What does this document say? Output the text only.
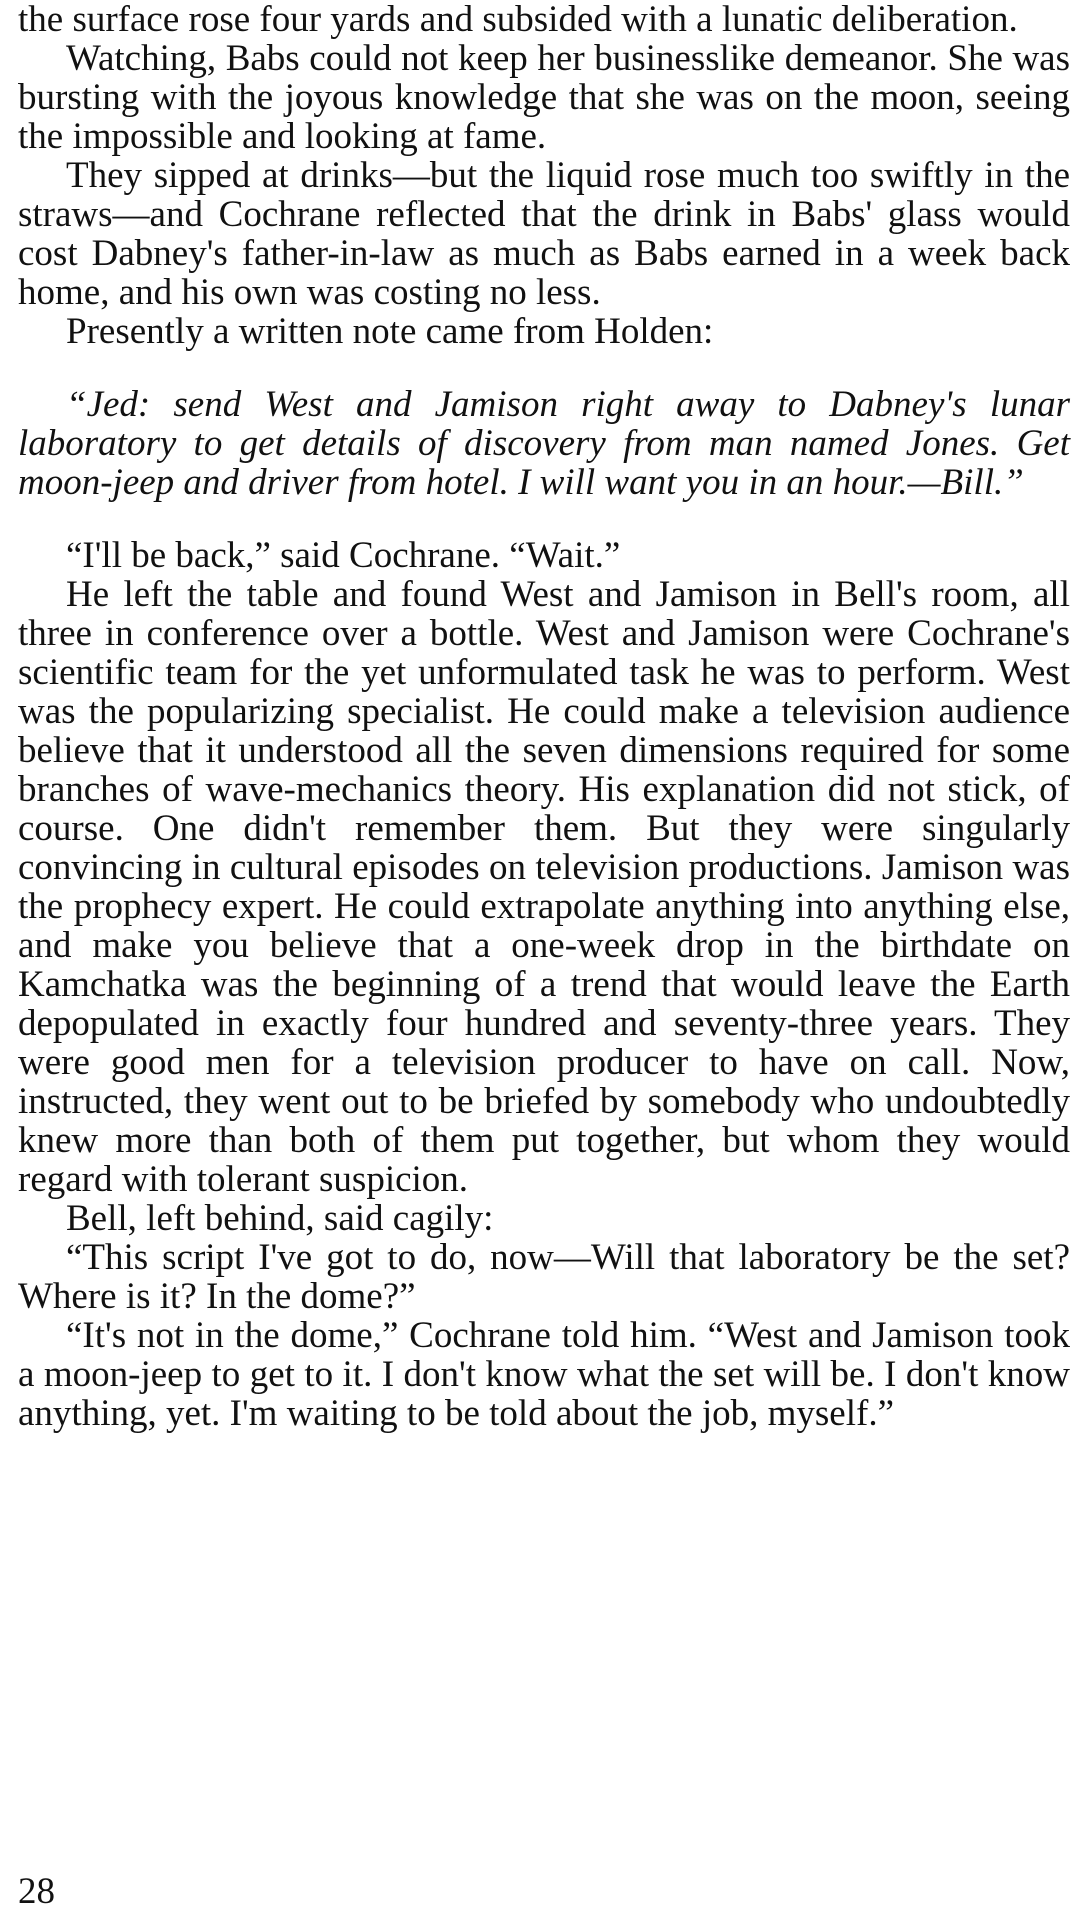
the surface rose four yards and subsided with a lunatic deliberation.

Watching, Babs could not keep her businesslike demeanor. She was bursting with the joyous knowledge that she was on the moon, seeing the impossible and looking at fame.

They sipped at drinks—but the liquid rose much too swiftly in the straws—and Cochrane reflected that the drink in Babs' glass would cost Dabney's father-in-law as much as Babs earned in a week back home, and his own was costing no less.

Presently a written note came from Holden:

“Jed: send West and Jamison right away to Dabney's lunar laboratory to get details of discovery from man named Jones. Get moon-jeep and driver from hotel. I will want you in an hour.—Bill.”

“I'll be back,” said Cochrane. “Wait.”

He left the table and found West and Jamison in Bell's room, all three in conference over a bottle. West and Jamison were Cochrane's scientific team for the yet unformulated task he was to perform. West was the popularizing specialist. He could make a television audience believe that it understood all the seven dimensions required for some branches of wave-mechanics theory. His explanation did not stick, of course. One didn't remember them. But they were singularly convincing in cultural episodes on television productions. Jamison was the prophecy expert. He could extrapolate anything into anything else, and make you believe that a one-week drop in the birthdate on Kamchatka was the beginning of a trend that would leave the Earth depopulated in exactly four hundred and seventy-three years. They were good men for a television producer to have on call. Now, instructed, they went out to be briefed by somebody who undoubtedly knew more than both of them put together, but whom they would regard with tolerant suspicion.

Bell, left behind, said cagily:

“This script I've got to do, now—Will that laboratory be the set? Where is it? In the dome?”

“It's not in the dome,” Cochrane told him. “West and Jamison took a moon-jeep to get to it. I don't know what the set will be. I don't know anything, yet. I'm waiting to be told about the job, myself.”

28
